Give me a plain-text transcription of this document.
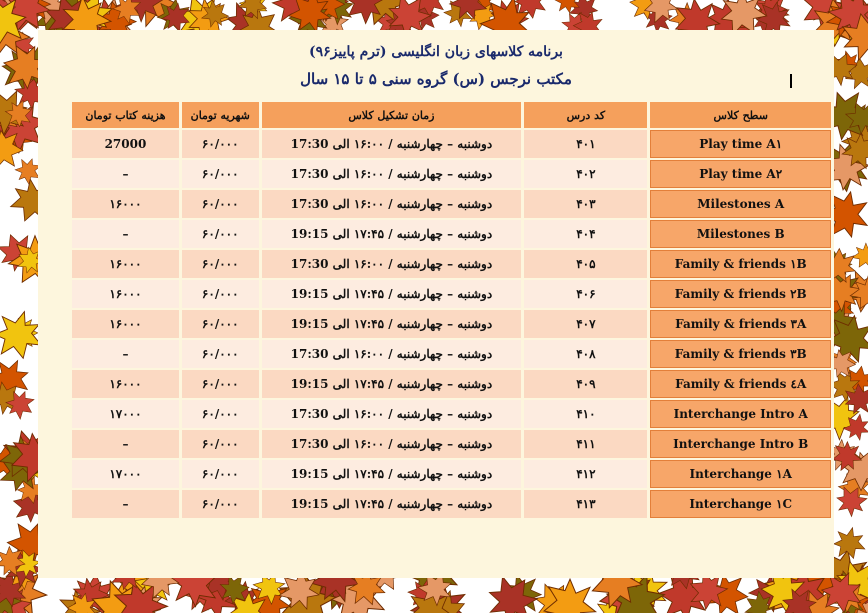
برنامه کلاسهای زبان انگلیسی (ترم پاییز۹۶)
مکتب نرجس (س) گروه سنی ۵ تا ۱۵ سال
هزینه کتاب تومان	شهریه تومان	زمان تشکیل کلاس	کد درس	سطح کلاس
27000	۶۰/۰۰۰	دوشنبه – چهارشنبه / ۱۶:۰۰ الی 17:30	۴۰۱	Play time A۱
–	۶۰/۰۰۰	دوشنبه – چهارشنبه / ۱۶:۰۰ الی 17:30	۴۰۲	Play time A۲
۱۶۰۰۰	۶۰/۰۰۰	دوشنبه – چهارشنبه / ۱۶:۰۰ الی 17:30	۴۰۳	Milestones A
–	۶۰/۰۰۰	دوشنبه – چهارشنبه / ۱۷:۴۵ الی 19:15	۴۰۴	Milestones B
۱۶۰۰۰	۶۰/۰۰۰	دوشنبه – چهارشنبه / ۱۶:۰۰ الی 17:30	۴۰۵	Family & friends ۱B
۱۶۰۰۰	۶۰/۰۰۰	دوشنبه – چهارشنبه / ۱۷:۴۵ الی 19:15	۴۰۶	Family & friends ۲B
۱۶۰۰۰	۶۰/۰۰۰	دوشنبه – چهارشنبه / ۱۷:۴۵ الی 19:15	۴۰۷	Family & friends ۳A
–	۶۰/۰۰۰	دوشنبه – چهارشنبه / ۱۶:۰۰ الی 17:30	۴۰۸	Family & friends ۳B
۱۶۰۰۰	۶۰/۰۰۰	دوشنبه – چهارشنبه / ۱۷:۴۵ الی 19:15	۴۰۹	Family & friends ٤A
۱۷۰۰۰	۶۰/۰۰۰	دوشنبه – چهارشنبه / ۱۶:۰۰ الی 17:30	۴۱۰	Interchange Intro A
–	۶۰/۰۰۰	دوشنبه – چهارشنبه / ۱۶:۰۰ الی 17:30	۴۱۱	Interchange Intro B
۱۷۰۰۰	۶۰/۰۰۰	دوشنبه – چهارشنبه / ۱۷:۴۵ الی 19:15	۴۱۲	Interchange ۱A
–	۶۰/۰۰۰	دوشنبه – چهارشنبه / ۱۷:۴۵ الی 19:15	۴۱۳	Interchange ۱C
